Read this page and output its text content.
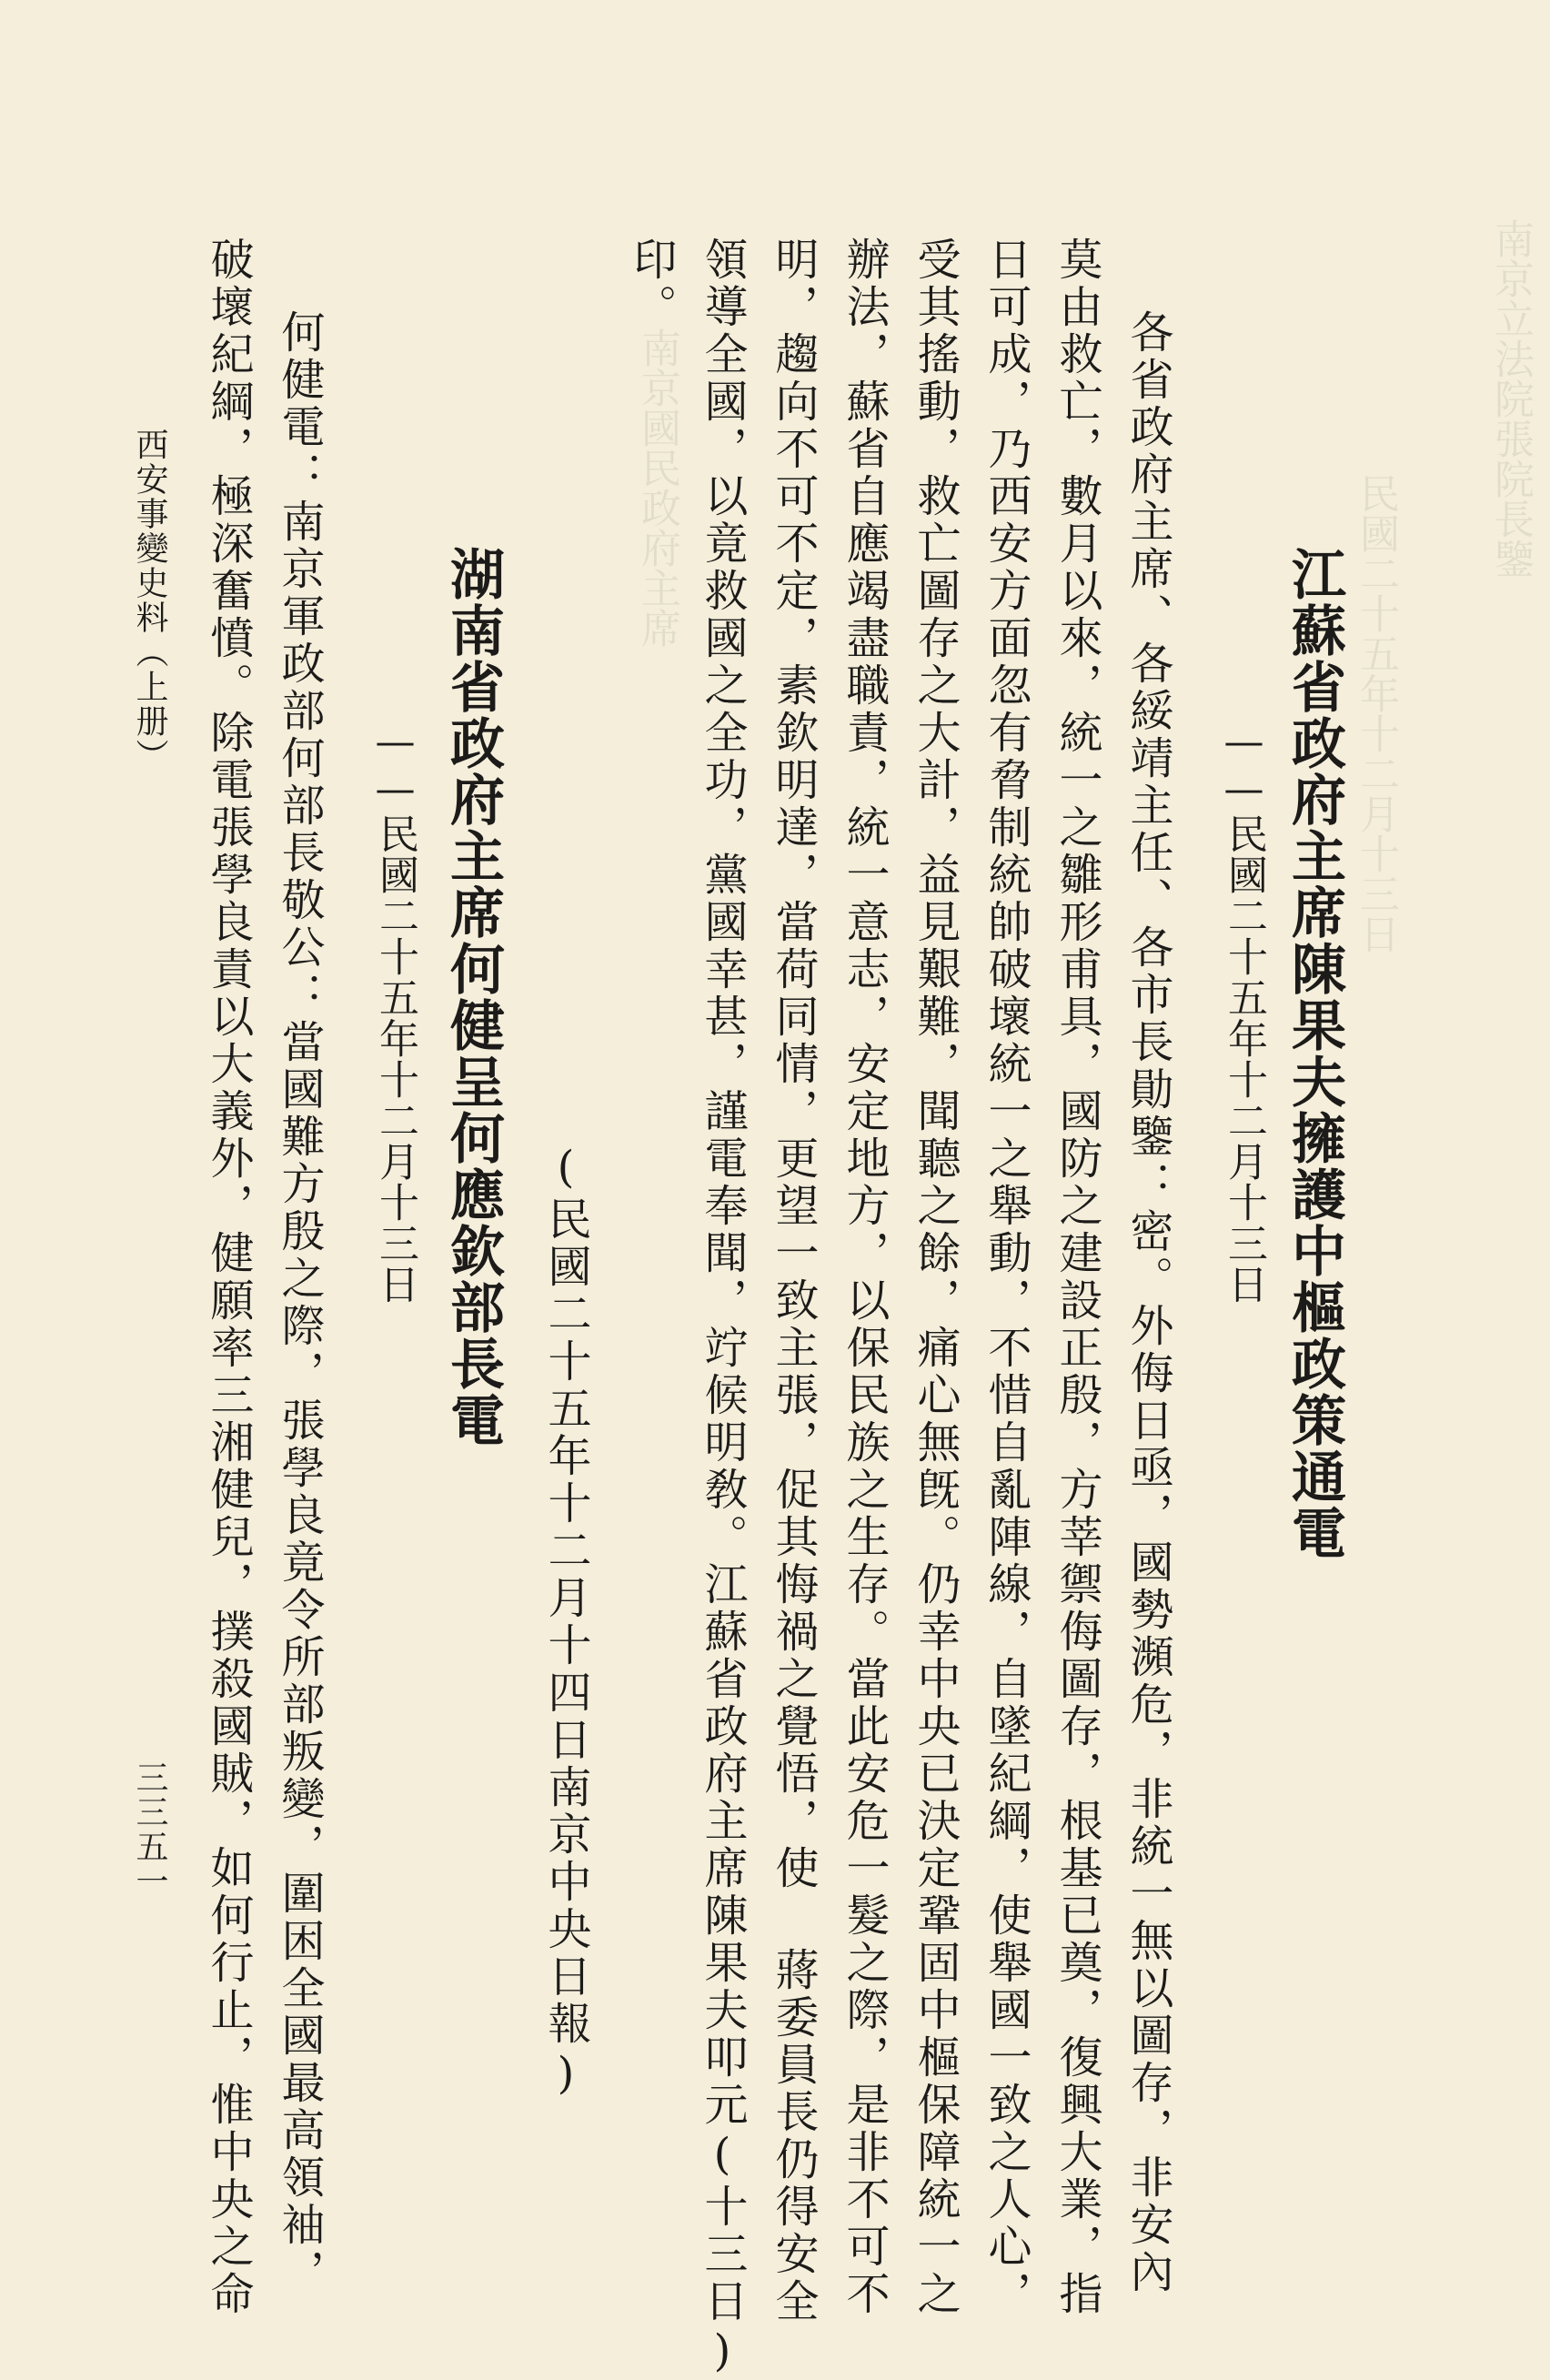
南京立法院張院長鑒
民國二十五年十二月十三日
南京國民政府主席
江蘇省政府主席陳果夫擁護中樞政策通電
——民國二十五年十二月十三日
各省政府主席、各綏靖主任、各市長勛鑒：密。外侮日亟，國勢瀕危，非統一無以圖存，非安內
莫由救亡，數月以來，統一之雛形甫具，國防之建設正殷，方莘禦侮圖存，根基已奠，復興大業，指
日可成，乃西安方面忽有脅制統帥破壞統一之舉動，不惜自亂陣線，自墜紀綱，使舉國一致之人心，
受其搖動，救亡圖存之大計，益見艱難，聞聽之餘，痛心無旣。仍幸中央已決定鞏固中樞保障統一之
辦法，蘇省自應竭盡職責，統一意志，安定地方，以保民族之生存。當此安危一髮之際，是非不可不
明，趨向不可不定，素欽明達，當荷同情，更望一致主張，促其悔禍之覺悟，使 蔣委員長仍得安全
領導全國，以竟救國之全功，黨國幸甚，謹電奉聞，竚候明敎。江蘇省政府主席陳果夫叩元(十三日)
印。
(民國二十五年十二月十四日南京中央日報)
湖南省政府主席何健呈何應欽部長電
——民國二十五年十二月十三日
何健電：南京軍政部何部長敬公：當國難方殷之際，張學良竟令所部叛變，圍困全國最高領袖，
破壞紀綱，極深奮憤。除電張學良責以大義外，健願率三湘健兒，撲殺國賊，如何行止，惟中央之命
西安事變史料（上册）
三三五一
